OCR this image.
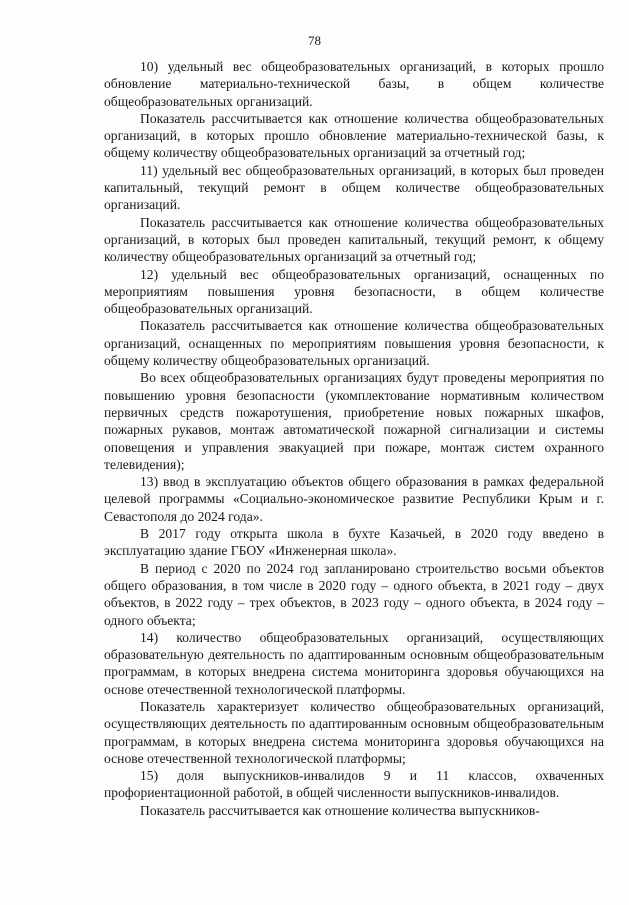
78

10) удельный вес общеобразовательных организаций, в которых прошло обновление материально-технической базы, в общем количестве общеобразовательных организаций.

Показатель рассчитывается как отношение количества общеобразовательных организаций, в которых прошло обновление материально-технической базы, к общему количеству общеобразовательных организаций за отчетный год;

11) удельный вес общеобразовательных организаций, в которых был проведен капитальный, текущий ремонт в общем количестве общеобразовательных организаций.

Показатель рассчитывается как отношение количества общеобразовательных организаций, в которых был проведен капитальный, текущий ремонт, к общему количеству общеобразовательных организаций за отчетный год;

12) удельный вес общеобразовательных организаций, оснащенных по мероприятиям повышения уровня безопасности, в общем количестве общеобразовательных организаций.

Показатель рассчитывается как отношение количества общеобразовательных организаций, оснащенных по мероприятиям повышения уровня безопасности, к общему количеству общеобразовательных организаций.

Во всех общеобразовательных организациях будут проведены мероприятия по повышению уровня безопасности (укомплектование нормативным количеством первичных средств пожаротушения, приобретение новых пожарных шкафов, пожарных рукавов, монтаж автоматической пожарной сигнализации и системы оповещения и управления эвакуацией при пожаре, монтаж систем охранного телевидения);

13) ввод в эксплуатацию объектов общего образования в рамках федеральной целевой программы «Социально-экономическое развитие Республики Крым и г. Севастополя до 2024 года».

В 2017 году открыта школа в бухте Казачьей, в 2020 году введено в эксплуатацию здание ГБОУ «Инженерная школа».

В период с 2020 по 2024 год запланировано строительство восьми объектов общего образования, в том числе в 2020 году – одного объекта, в 2021 году – двух объектов, в 2022 году – трех объектов, в 2023 году – одного объекта, в 2024 году – одного объекта;

14) количество общеобразовательных организаций, осуществляющих образовательную деятельность по адаптированным основным общеобразовательным программам, в которых внедрена система мониторинга здоровья обучающихся на основе отечественной технологической платформы.

Показатель характеризует количество общеобразовательных организаций, осуществляющих деятельность по адаптированным основным общеобразовательным программам, в которых внедрена система мониторинга здоровья обучающихся на основе отечественной технологической платформы;

15) доля выпускников-инвалидов 9 и 11 классов, охваченных профориентационной работой, в общей численности выпускников-инвалидов.

Показатель рассчитывается как отношение количества выпускников-
